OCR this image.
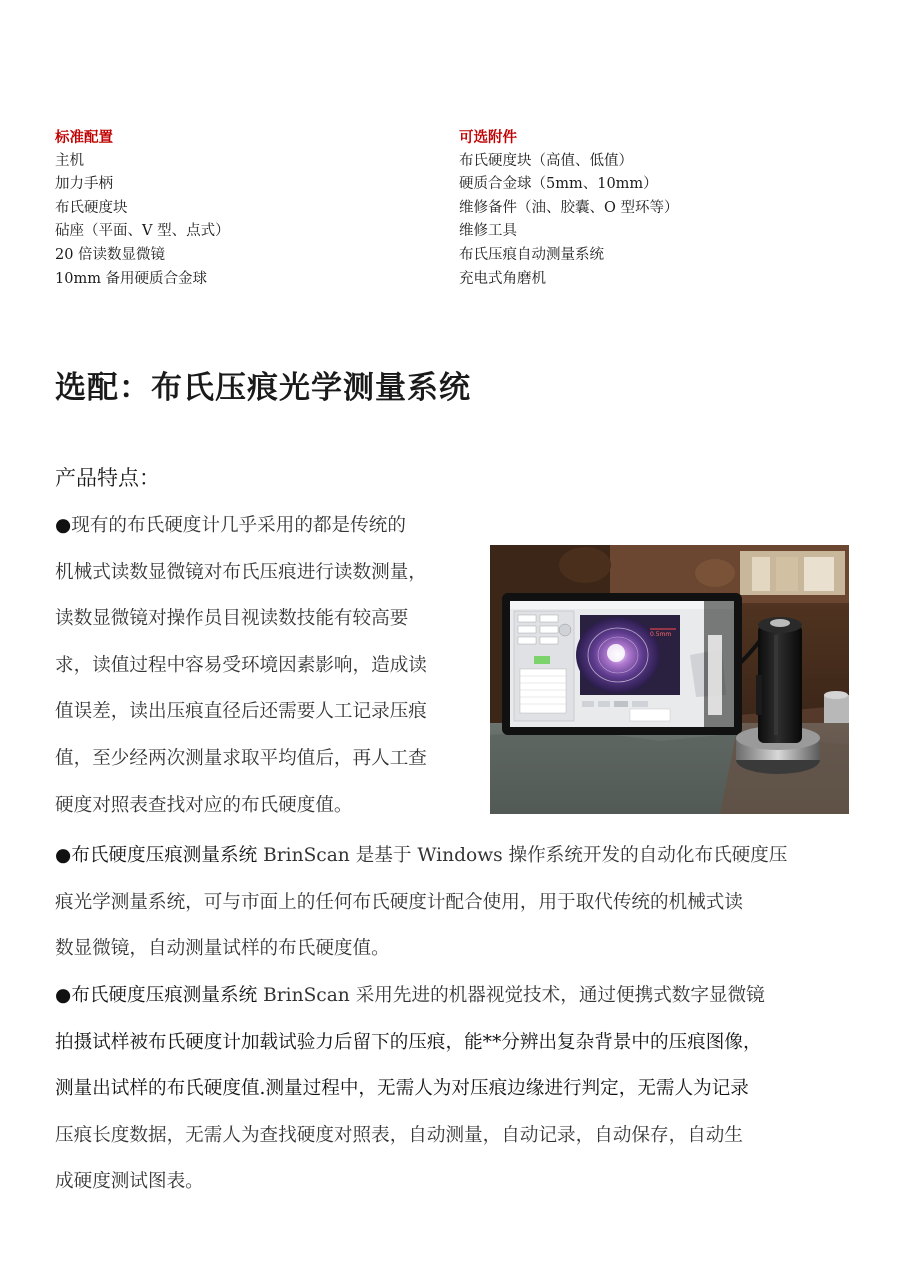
标准配置
主机
加力手柄
布氏硬度块
砧座（平面、V 型、点式）
20 倍读数显微镜
10mm 备用硬质合金球
可选附件
布氏硬度块（高值、低值）
硬质合金球（5mm、10mm）
维修备件（油、胶囊、O 型环等）
维修工具
布氏压痕自动测量系统
充电式角磨机
选配：布氏压痕光学测量系统
产品特点：
●现有的布氏硬度计几乎采用的都是传统的
机械式读数显微镜对布氏压痕进行读数测量，
读数显微镜对操作员目视读数技能有较高要
求，读值过程中容易受环境因素影响，造成读
值误差，读出压痕直径后还需要人工记录压痕
值，至少经两次测量求取平均值后，再人工查
硬度对照表查找对应的布氏硬度值。
0.5mm
●布氏硬度压痕测量系统 BrinScan 是基于 Windows 操作系统开发的自动化布氏硬度压
痕光学测量系统，可与市面上的任何布氏硬度计配合使用，用于取代传统的机械式读
数显微镜，自动测量试样的布氏硬度值。
●布氏硬度压痕测量系统 BrinScan 采用先进的机器视觉技术，通过便携式数字显微镜
拍摄试样被布氏硬度计加载试验力后留下的压痕，能**分辨出复杂背景中的压痕图像，
测量出试样的布氏硬度值.测量过程中，无需人为对压痕边缘进行判定，无需人为记录
压痕长度数据，无需人为查找硬度对照表，自动测量，自动记录，自动保存，自动生
成硬度测试图表。
